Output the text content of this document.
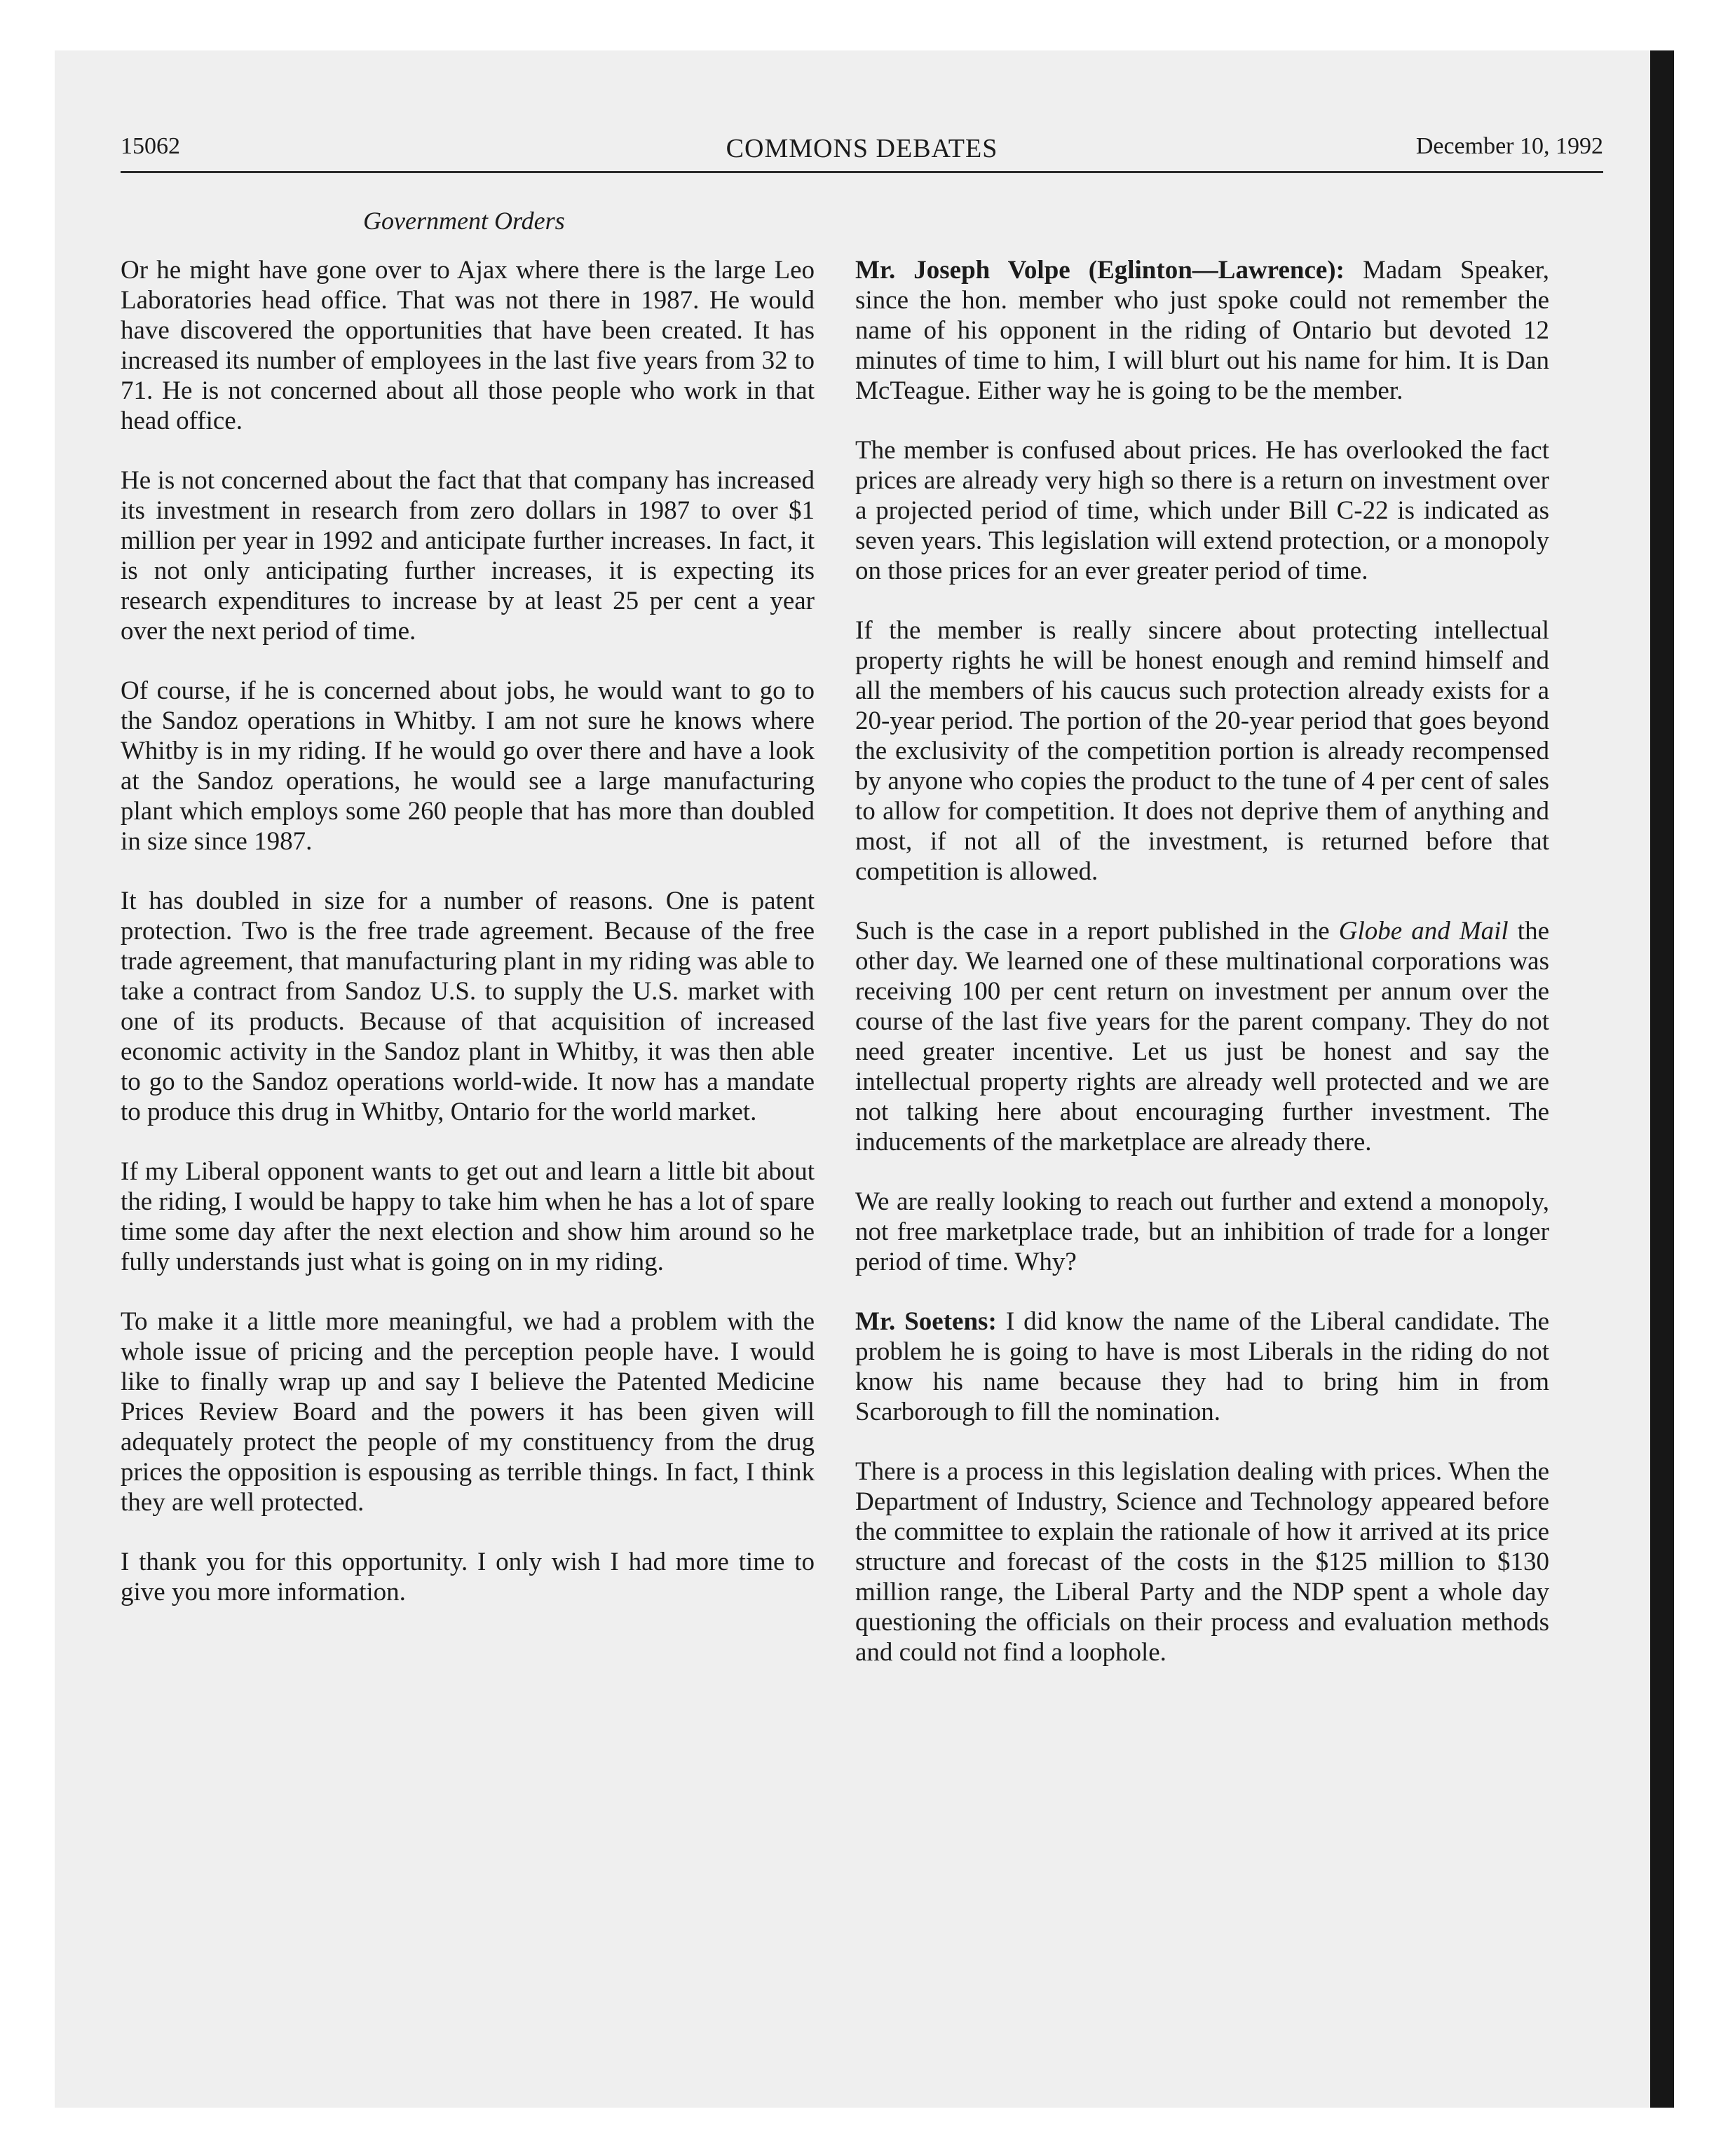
15062	COMMONS DEBATES	December 10, 1992
Government Orders

Or he might have gone over to Ajax where there is the large Leo Laboratories head office. That was not there in 1987. He would have discovered the opportunities that have been created. It has increased its number of employees in the last five years from 32 to 71. He is not concerned about all those people who work in that head office.

He is not concerned about the fact that that company has increased its investment in research from zero dollars in 1987 to over $1 million per year in 1992 and anticipate further increases. In fact, it is not only anticipating further increases, it is expecting its research expenditures to increase by at least 25 per cent a year over the next period of time.

Of course, if he is concerned about jobs, he would want to go to the Sandoz operations in Whitby. I am not sure he knows where Whitby is in my riding. If he would go over there and have a look at the Sandoz operations, he would see a large manufacturing plant which employs some 260 people that has more than doubled in size since 1987.

It has doubled in size for a number of reasons. One is patent protection. Two is the free trade agreement. Because of the free trade agreement, that manufacturing plant in my riding was able to take a contract from Sandoz U.S. to supply the U.S. market with one of its products. Because of that acquisition of increased economic activity in the Sandoz plant in Whitby, it was then able to go to the Sandoz operations world-wide. It now has a mandate to produce this drug in Whitby, Ontario for the world market.

If my Liberal opponent wants to get out and learn a little bit about the riding, I would be happy to take him when he has a lot of spare time some day after the next election and show him around so he fully understands just what is going on in my riding.

To make it a little more meaningful, we had a problem with the whole issue of pricing and the perception people have. I would like to finally wrap up and say I believe the Patented Medicine Prices Review Board and the powers it has been given will adequately protect the people of my constituency from the drug prices the opposition is espousing as terrible things. In fact, I think they are well protected.

I thank you for this opportunity. I only wish I had more time to give you more information.

Mr. Joseph Volpe (Eglinton—Lawrence): Madam Speaker, since the hon. member who just spoke could not remember the name of his opponent in the riding of Ontario but devoted 12 minutes of time to him, I will blurt out his name for him. It is Dan McTeague. Either way he is going to be the member.

The member is confused about prices. He has overlooked the fact prices are already very high so there is a return on investment over a projected period of time, which under Bill C-22 is indicated as seven years. This legislation will extend protection, or a monopoly on those prices for an ever greater period of time.

If the member is really sincere about protecting intellectual property rights he will be honest enough and remind himself and all the members of his caucus such protection already exists for a 20-year period. The portion of the 20-year period that goes beyond the exclusivity of the competition portion is already recompensed by anyone who copies the product to the tune of 4 per cent of sales to allow for competition. It does not deprive them of anything and most, if not all of the investment, is returned before that competition is allowed.

Such is the case in a report published in the Globe and Mail the other day. We learned one of these multinational corporations was receiving 100 per cent return on investment per annum over the course of the last five years for the parent company. They do not need greater incentive. Let us just be honest and say the intellectual property rights are already well protected and we are not talking here about encouraging further investment. The inducements of the marketplace are already there.

We are really looking to reach out further and extend a monopoly, not free marketplace trade, but an inhibition of trade for a longer period of time. Why?

Mr. Soetens: I did know the name of the Liberal candidate. The problem he is going to have is most Liberals in the riding do not know his name because they had to bring him in from Scarborough to fill the nomination.

There is a process in this legislation dealing with prices. When the Department of Industry, Science and Technology appeared before the committee to explain the rationale of how it arrived at its price structure and forecast of the costs in the $125 million to $130 million range, the Liberal Party and the NDP spent a whole day questioning the officials on their process and evaluation methods and could not find a loophole.
